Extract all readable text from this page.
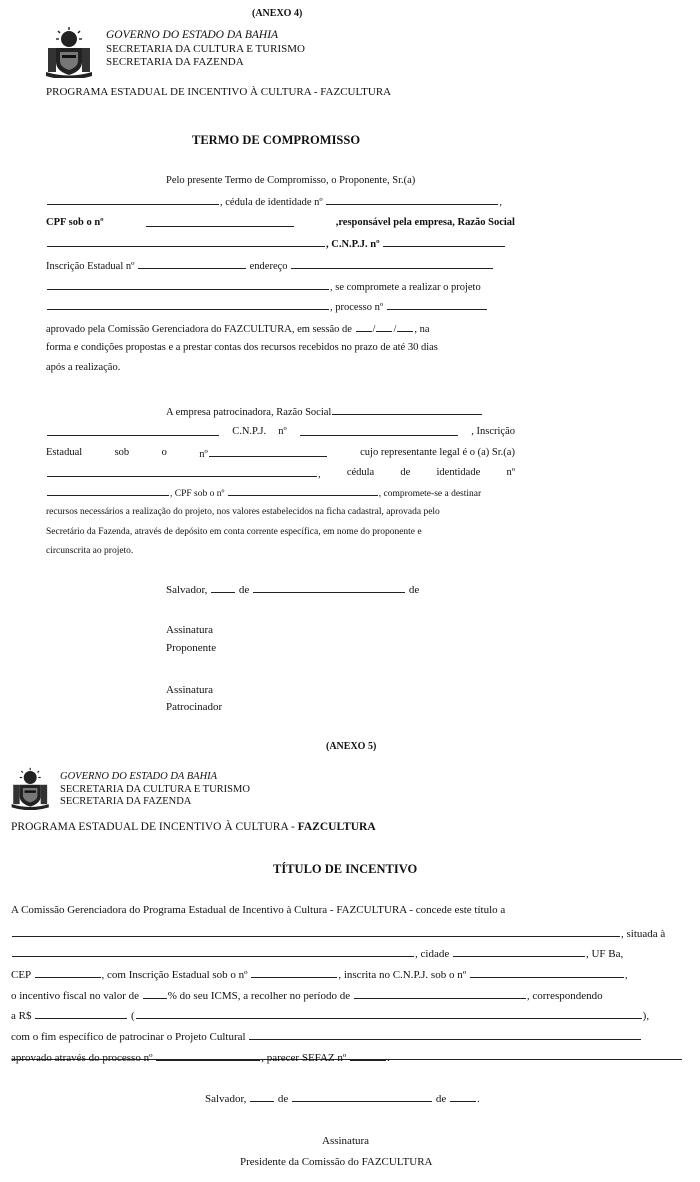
(ANEXO 4)
GOVERNO DO ESTADO DA BAHIA
SECRETARIA DA CULTURA E TURISMO
SECRETARIA DA FAZENDA
PROGRAMA ESTADUAL DE INCENTIVO À CULTURA - FAZCULTURA
TERMO DE COMPROMISSO
Pelo presente Termo de Compromisso, o Proponente, Sr.(a)
, cédula de identidade nº	,
CPF sob o nº	,responsável pela empresa, Razão Social
, C.N.P.J. nº
Inscrição Estadual nº	endereço
, se compromete a realizar o projeto
, processo nº
aprovado pela Comissão Gerenciadora do FAZCULTURA, em sessão de / / , na
forma e condições propostas e a prestar contas dos recursos recebidos no prazo de até 30 dias
após a realização.
A empresa patrocinadora, Razão Social
C.N.P.J. nº	, Inscrição
Estadual	sob	o	nº	cujo representante legal é o (a) Sr.(a)
, cédula de identidade nº
, CPF sob o nº	, compromete-se a destinar
recursos necessários a realização do projeto, nos valores estabelecidos na ficha cadastral, aprovada pelo
Secretário da Fazenda, através de depósito em conta corrente específica, em nome do proponente e
circunscrita ao projeto.
Salvador,	de	de
Assinatura
Proponente
Assinatura
Patrocinador
(ANEXO 5)
GOVERNO DO ESTADO DA BAHIA
SECRETARIA DA CULTURA E TURISMO
SECRETARIA DA FAZENDA
PROGRAMA ESTADUAL DE INCENTIVO À CULTURA - FAZCULTURA
TÍTULO DE INCENTIVO
A Comissão Gerenciadora do Programa Estadual de Incentivo à Cultura - FAZCULTURA - concede este título a
, situada à
, cidade	, UF Ba,
CEP	, com Inscrição Estadual sob o nº	, inscrita no C.N.P.J. sob o nº	,
o incentivo fiscal no valor de	% do seu ICMS, a recolher no período de	, correspondendo
a R$	(	),
com o fim específico de patrocinar o Projeto Cultural
aprovado através do processo nº	, parecer SEFAZ nº	.
Salvador,	de	de	.
Assinatura
Presidente da Comissão do FAZCULTURA
